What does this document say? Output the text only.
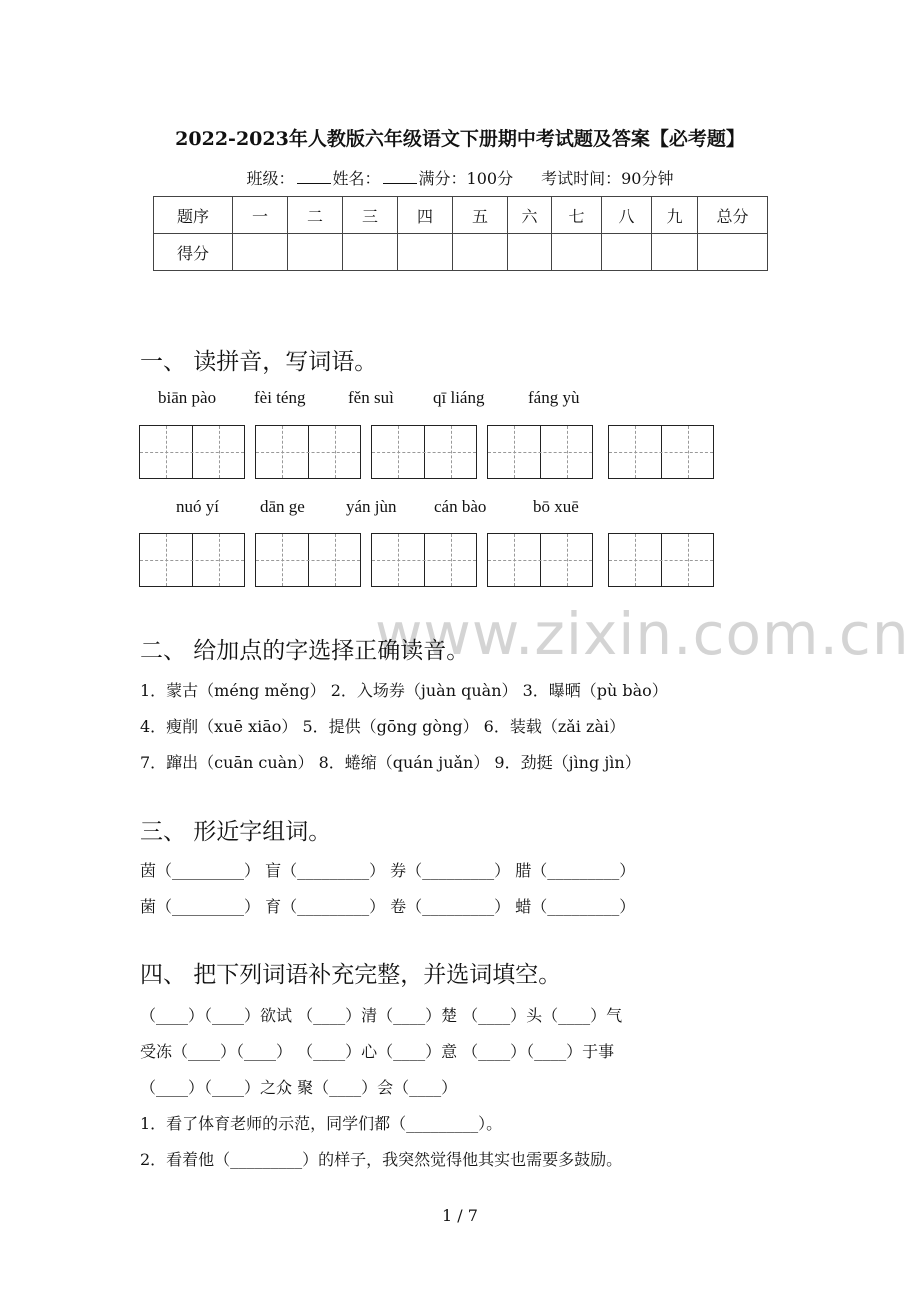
2022-2023年人教版六年级语文下册期中考试题及答案【必考题】
班级： 姓名： 满分：100分 考试时间：90分钟
题序	一	二	三	四	五	六	七	八	九	总分
得分										
一、 读拼音，写词语。
biān pào fèi téng	fěn suì qī liáng	fáng yù
nuó yí dān ge yán jùn cán bào	bō xuē
www.zixin.com.cn
二、 给加点的字选择正确读音。
1．蒙古（méng měng） 2．入场券（juàn quàn） 3．曝晒（pù bào）
4．瘦削（xuē xiāo） 5．提供（gōng gòng） 6．装载（zǎi zài）
7．蹿出（cuān cuàn） 8．蜷缩（quán juǎn） 9．劲挺（jìng jìn）
三、 形近字组词。
茵（_________） 盲（_________） 券（_________） 腊（_________）
菌（_________） 育（_________） 卷（_________） 蜡（_________）
四、 把下列词语补充完整，并选词填空。
（____）（____）欲试 （____）清（____）楚 （____）头（____）气
受冻（____）（____） （____）心（____）意 （____）（____）于事
（____）（____）之众 聚（____）会（____）
1．看了体育老师的示范，同学们都（_________）。
2．看着他（_________）的样子，我突然觉得他其实也需要多鼓励。
1 / 7
